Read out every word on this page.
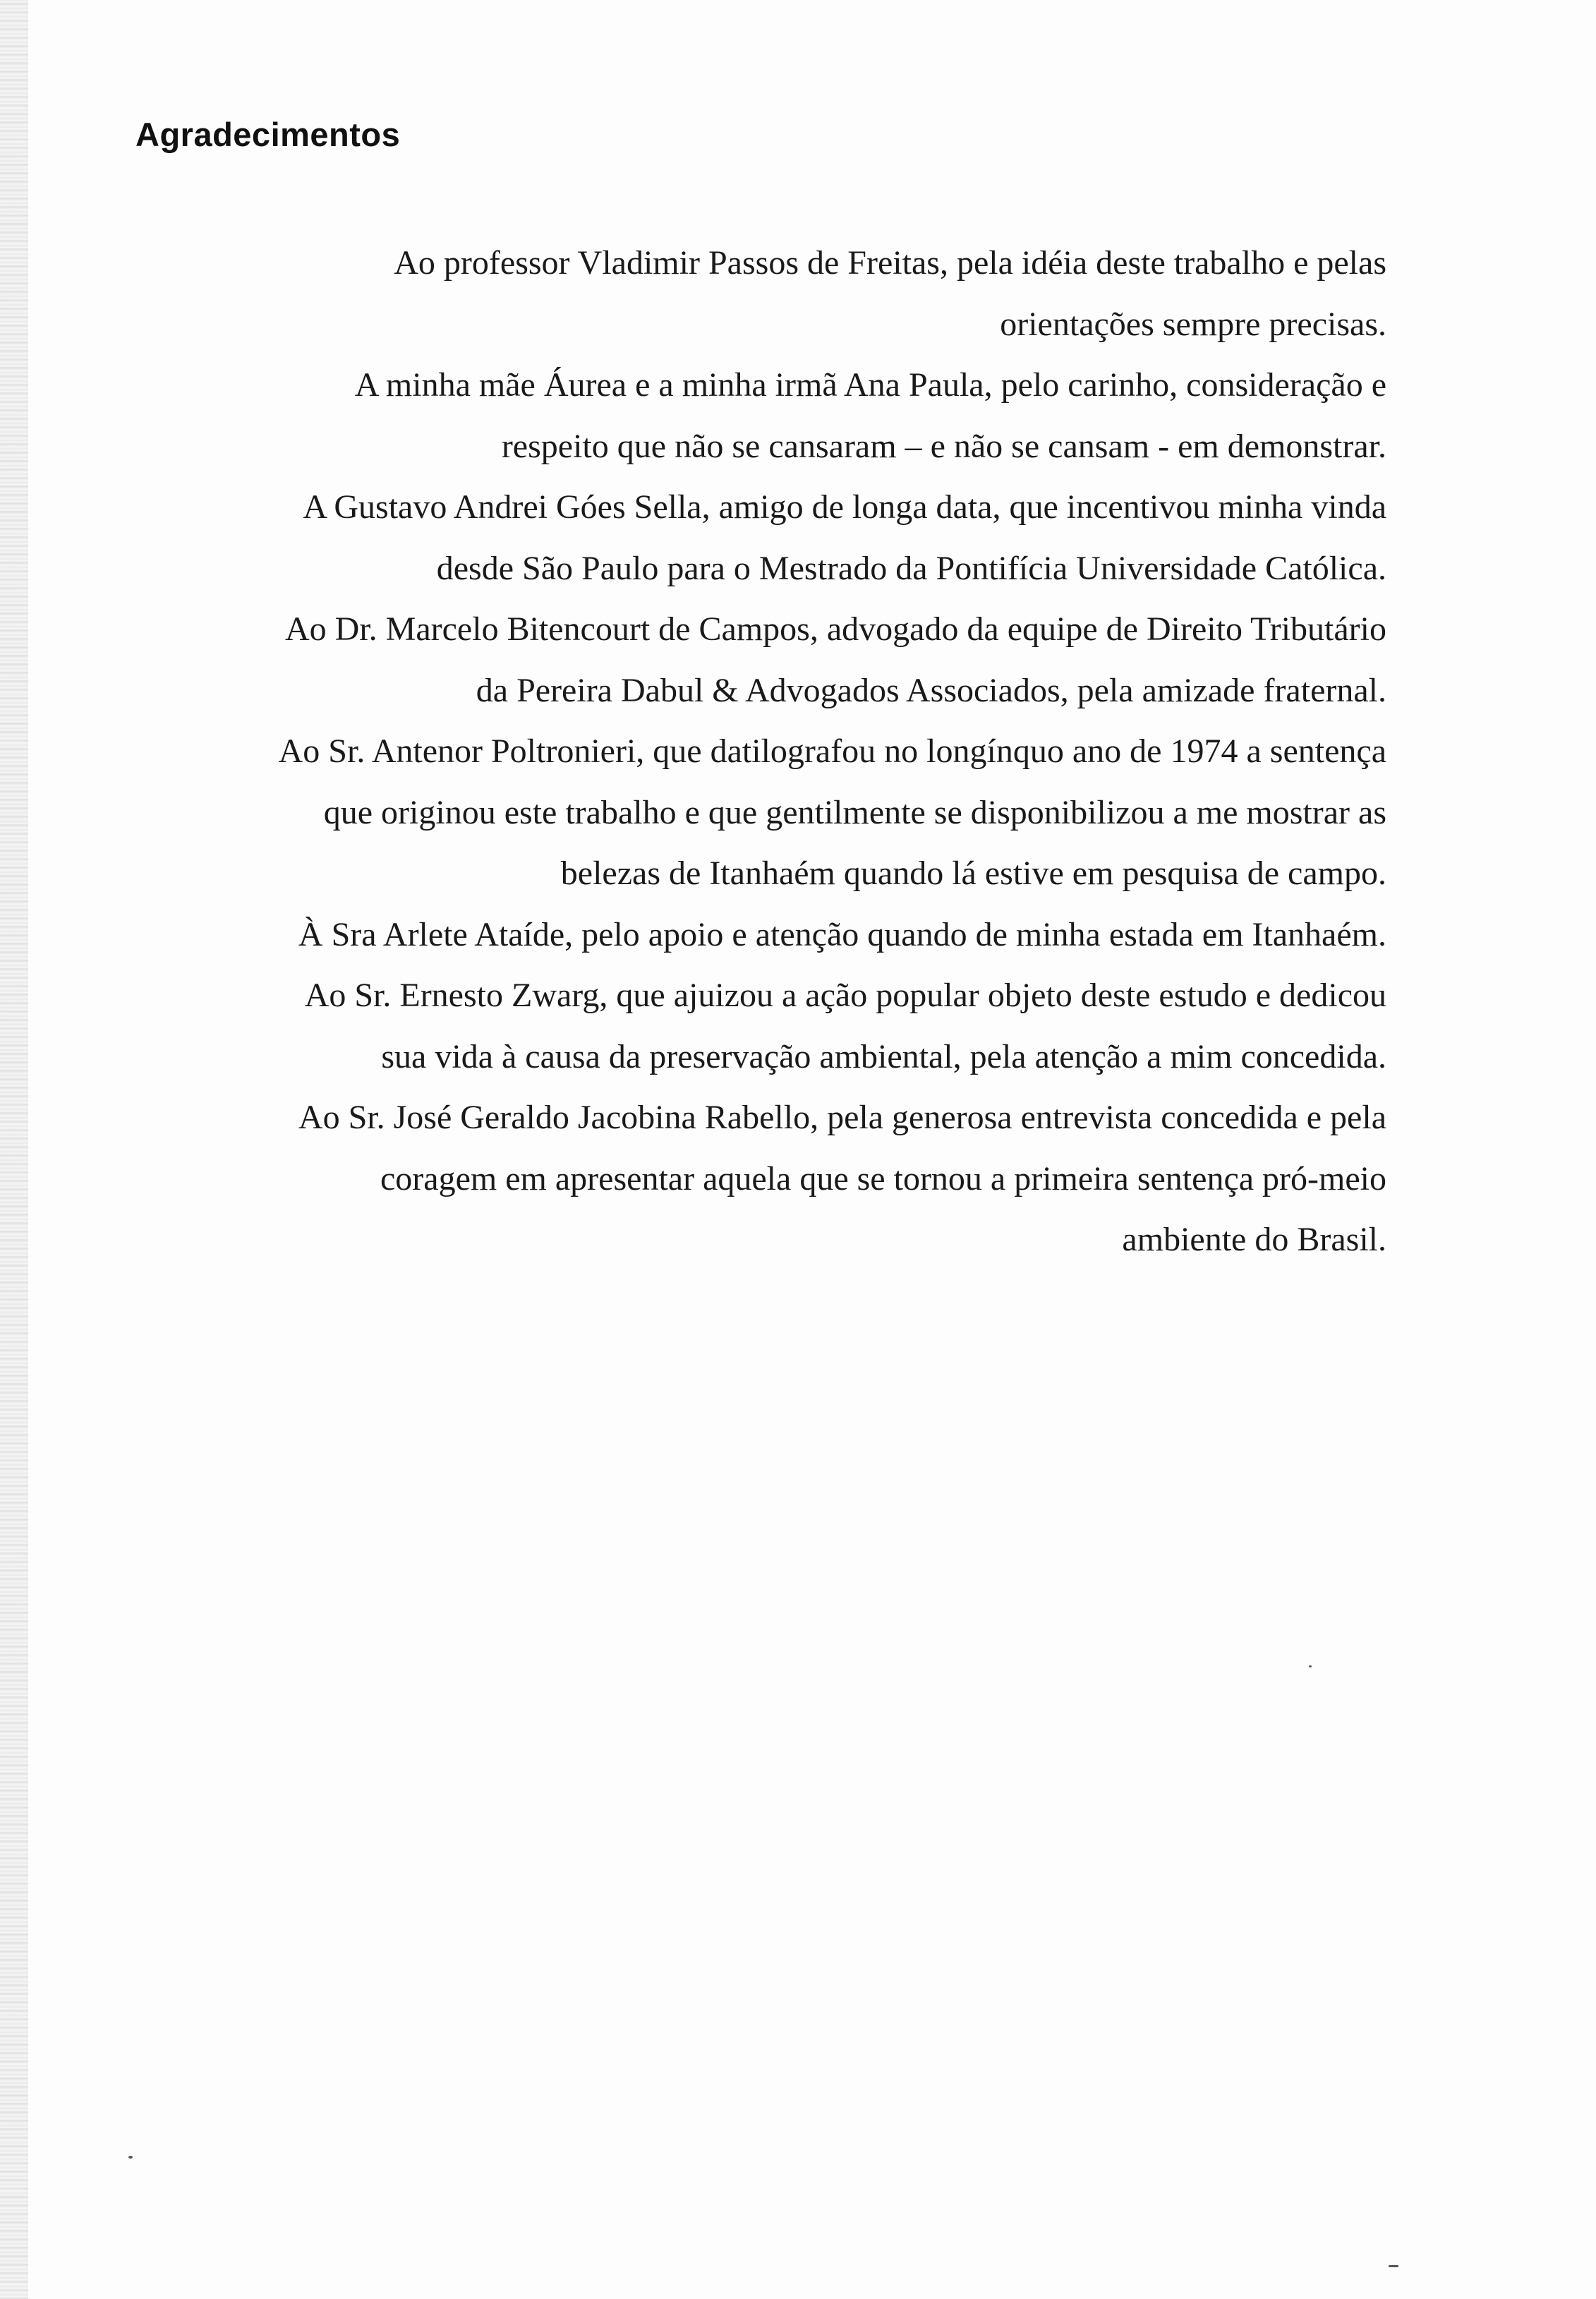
Agradecimentos

Ao professor Vladimir Passos de Freitas, pela idéia deste trabalho e pelas orientações sempre precisas.

A minha mãe Áurea e a minha irmã Ana Paula, pelo carinho, consideração e respeito que não se cansaram – e não se cansam - em demonstrar.

A Gustavo Andrei Góes Sella, amigo de longa data, que incentivou minha vinda desde São Paulo para o Mestrado da Pontifícia Universidade Católica.

Ao Dr. Marcelo Bitencourt de Campos, advogado da equipe de Direito Tributário da Pereira Dabul & Advogados Associados, pela amizade fraternal.

Ao Sr. Antenor Poltronieri, que datilografou no longínquo ano de 1974 a sentença que originou este trabalho e que gentilmente se disponibilizou a me mostrar as belezas de Itanhaém quando lá estive em pesquisa de campo.

À Sra Arlete Ataíde, pelo apoio e atenção quando de minha estada em Itanhaém.

Ao Sr. Ernesto Zwarg, que ajuizou a ação popular objeto deste estudo e dedicou sua vida à causa da preservação ambiental, pela atenção a mim concedida.

Ao Sr. José Geraldo Jacobina Rabello, pela generosa entrevista concedida e pela coragem em apresentar aquela que se tornou a primeira sentença pró-meio ambiente do Brasil.
